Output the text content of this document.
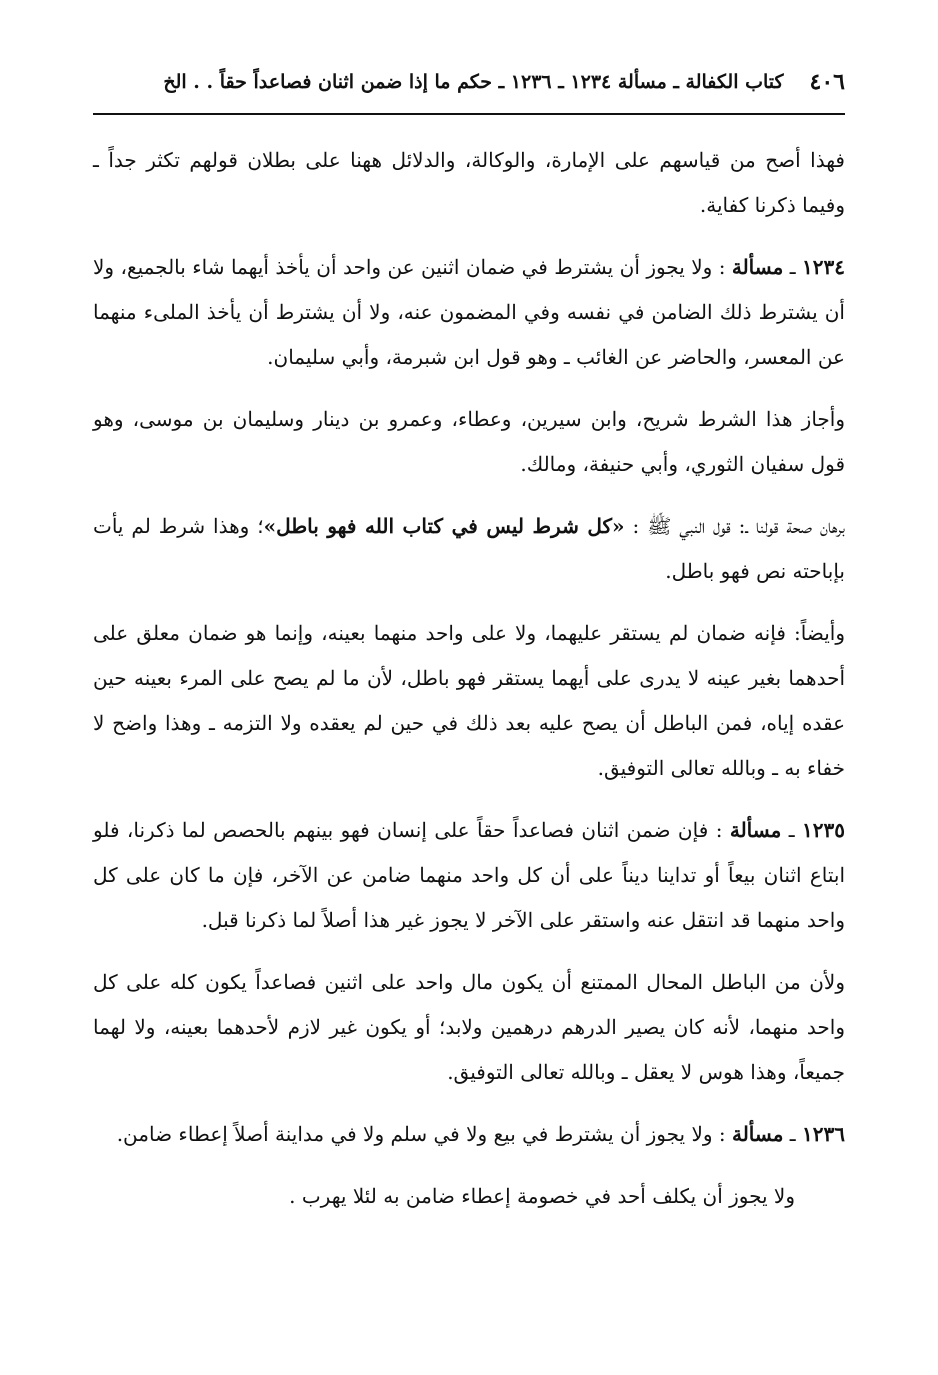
٤٠٦
كتاب الكفالة ـ مسألة ١٢٣٤ ـ ١٢٣٦ ـ حكم ما إذا ضمن اثنان فصاعداً حقاً . . الخ

فهذا أصح من قياسهم على الإمارة، والوكالة، والدلائل ههنا على بطلان قولهم تكثر جداً ـ وفيما ذكرنا كفاية.

١٢٣٤ ـ مسألة : ولا يجوز أن يشترط في ضمان اثنين عن واحد أن يأخذ أيهما شاء بالجميع، ولا أن يشترط ذلك الضامن في نفسه وفي المضمون عنه، ولا أن يشترط أن يأخذ الملىء منهما عن المعسر، والحاضر عن الغائب ـ وهو قول ابن شبرمة، وأبي سليمان.

وأجاز هذا الشرط شريح، وابن سيرين، وعطاء، وعمرو بن دينار وسليمان بن موسى، وهو قول سفيان الثوري، وأبي حنيفة، ومالك.

برهان صحة قولنا ـ: قول النبي ﷺ : «كل شرط ليس في كتاب الله فهو باطل»؛ وهذا شرط لم يأت بإباحته نص فهو باطل.

وأيضاً: فإنه ضمان لم يستقر عليهما، ولا على واحد منهما بعينه، وإنما هو ضمان معلق على أحدهما بغير عينه لا يدرى على أيهما يستقر فهو باطل، لأن ما لم يصح على المرء بعينه حين عقده إياه، فمن الباطل أن يصح عليه بعد ذلك في حين لم يعقده ولا التزمه ـ وهذا واضح لا خفاء به ـ وبالله تعالى التوفيق.

١٢٣٥ ـ مسألة : فإن ضمن اثنان فصاعداً حقاً على إنسان فهو بينهم بالحصص لما ذكرنا، فلو ابتاع اثنان بيعاً أو تداينا ديناً على أن كل واحد منهما ضامن عن الآخر، فإن ما كان على كل واحد منهما قد انتقل عنه واستقر على الآخر لا يجوز غير هذا أصلاً لما ذكرنا قبل.

ولأن من الباطل المحال الممتنع أن يكون مال واحد على اثنين فصاعداً يكون كله على كل واحد منهما، لأنه كان يصير الدرهم درهمين ولابد؛ أو يكون غير لازم لأحدهما بعينه، ولا لهما جميعاً، وهذا هوس لا يعقل ـ وبالله تعالى التوفيق.

١٢٣٦ ـ مسألة : ولا يجوز أن يشترط في بيع ولا في سلم ولا في مداينة أصلاً إعطاء ضامن.

ولا يجوز أن يكلف أحد في خصومة إعطاء ضامن به لئلا يهرب .
